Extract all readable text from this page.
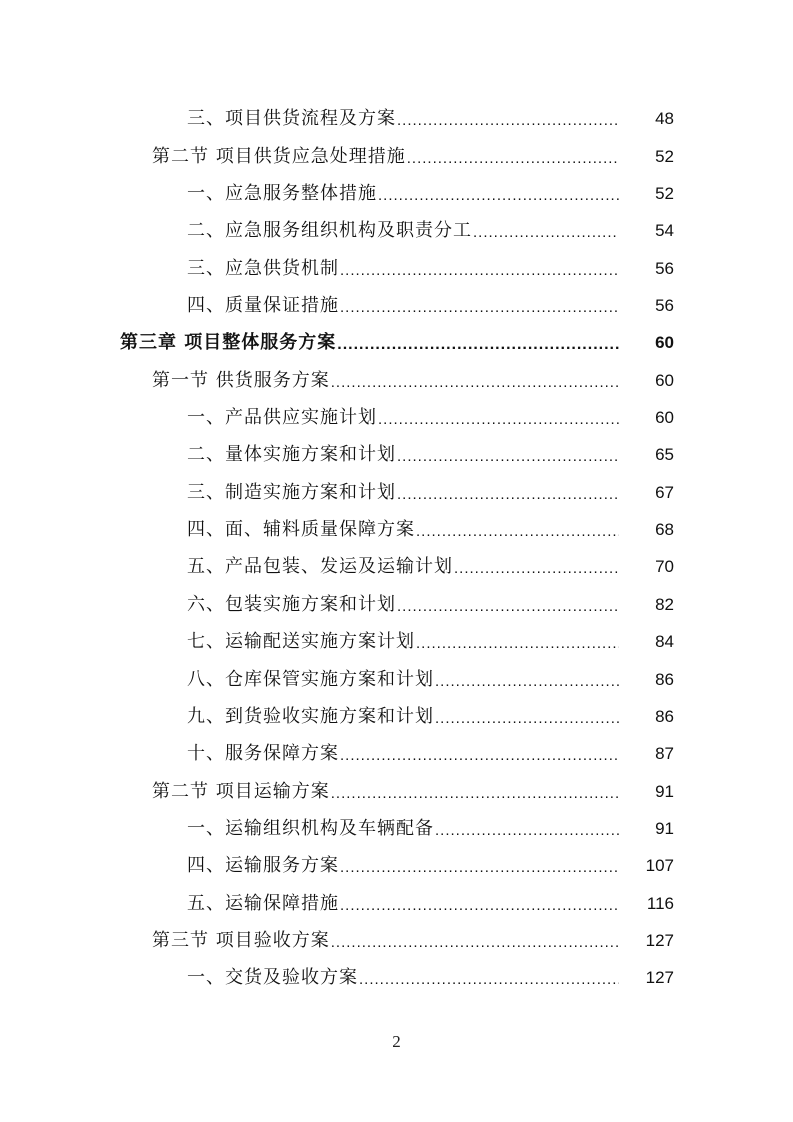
三、项目供货流程及方案 .....	48
第二节 项目供货应急处理措施 .....	52
一、应急服务整体措施 .....	52
二、应急服务组织机构及职责分工 .....	54
三、应急供货机制 .....	56
四、质量保证措施 .....	56
第三章 项目整体服务方案 .....	60
第一节 供货服务方案 .....	60
一、产品供应实施计划 .....	60
二、量体实施方案和计划 .....	65
三、制造实施方案和计划 .....	67
四、面、辅料质量保障方案 .....	68
五、产品包装、发运及运输计划 .....	70
六、包装实施方案和计划 .....	82
七、运输配送实施方案计划 .....	84
八、仓库保管实施方案和计划 .....	86
九、到货验收实施方案和计划 .....	86
十、服务保障方案 .....	87
第二节 项目运输方案 .....	91
一、运输组织机构及车辆配备 .....	91
四、运输服务方案 .....	107
五、运输保障措施 .....	116
第三节 项目验收方案 .....	127
一、交货及验收方案 .....	127
2
